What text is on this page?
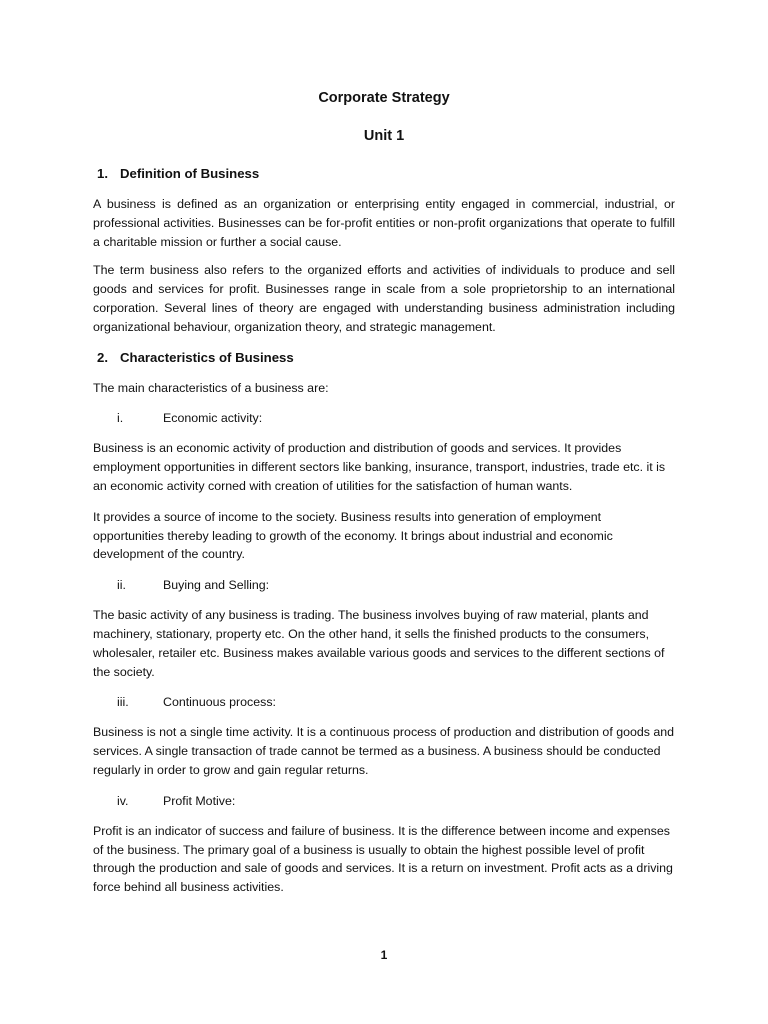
Corporate Strategy

Unit 1

1. Definition of Business

A business is defined as an organization or enterprising entity engaged in commercial, industrial, or professional activities. Businesses can be for-profit entities or non-profit organizations that operate to fulfill a charitable mission or further a social cause.

The term business also refers to the organized efforts and activities of individuals to produce and sell goods and services for profit. Businesses range in scale from a sole proprietorship to an international corporation. Several lines of theory are engaged with understanding business administration including organizational behaviour, organization theory, and strategic management.

2. Characteristics of Business

The main characteristics of a business are:

i.	Economic activity:

Business is an economic activity of production and distribution of goods and services. It provides employment opportunities in different sectors like banking, insurance, transport, industries, trade etc. it is an economic activity corned with creation of utilities for the satisfaction of human wants.

It provides a source of income to the society. Business results into generation of employment opportunities thereby leading to growth of the economy. It brings about industrial and economic development of the country.

ii.	Buying and Selling:

The basic activity of any business is trading. The business involves buying of raw material, plants and machinery, stationary, property etc. On the other hand, it sells the finished products to the consumers, wholesaler, retailer etc. Business makes available various goods and services to the different sections of the society.

iii.	Continuous process:

Business is not a single time activity. It is a continuous process of production and distribution of goods and services. A single transaction of trade cannot be termed as a business. A business should be conducted regularly in order to grow and gain regular returns.

iv.	Profit Motive:

Profit is an indicator of success and failure of business. It is the difference between income and expenses of the business. The primary goal of a business is usually to obtain the highest possible level of profit through the production and sale of goods and services. It is a return on investment. Profit acts as a driving force behind all business activities.

1
